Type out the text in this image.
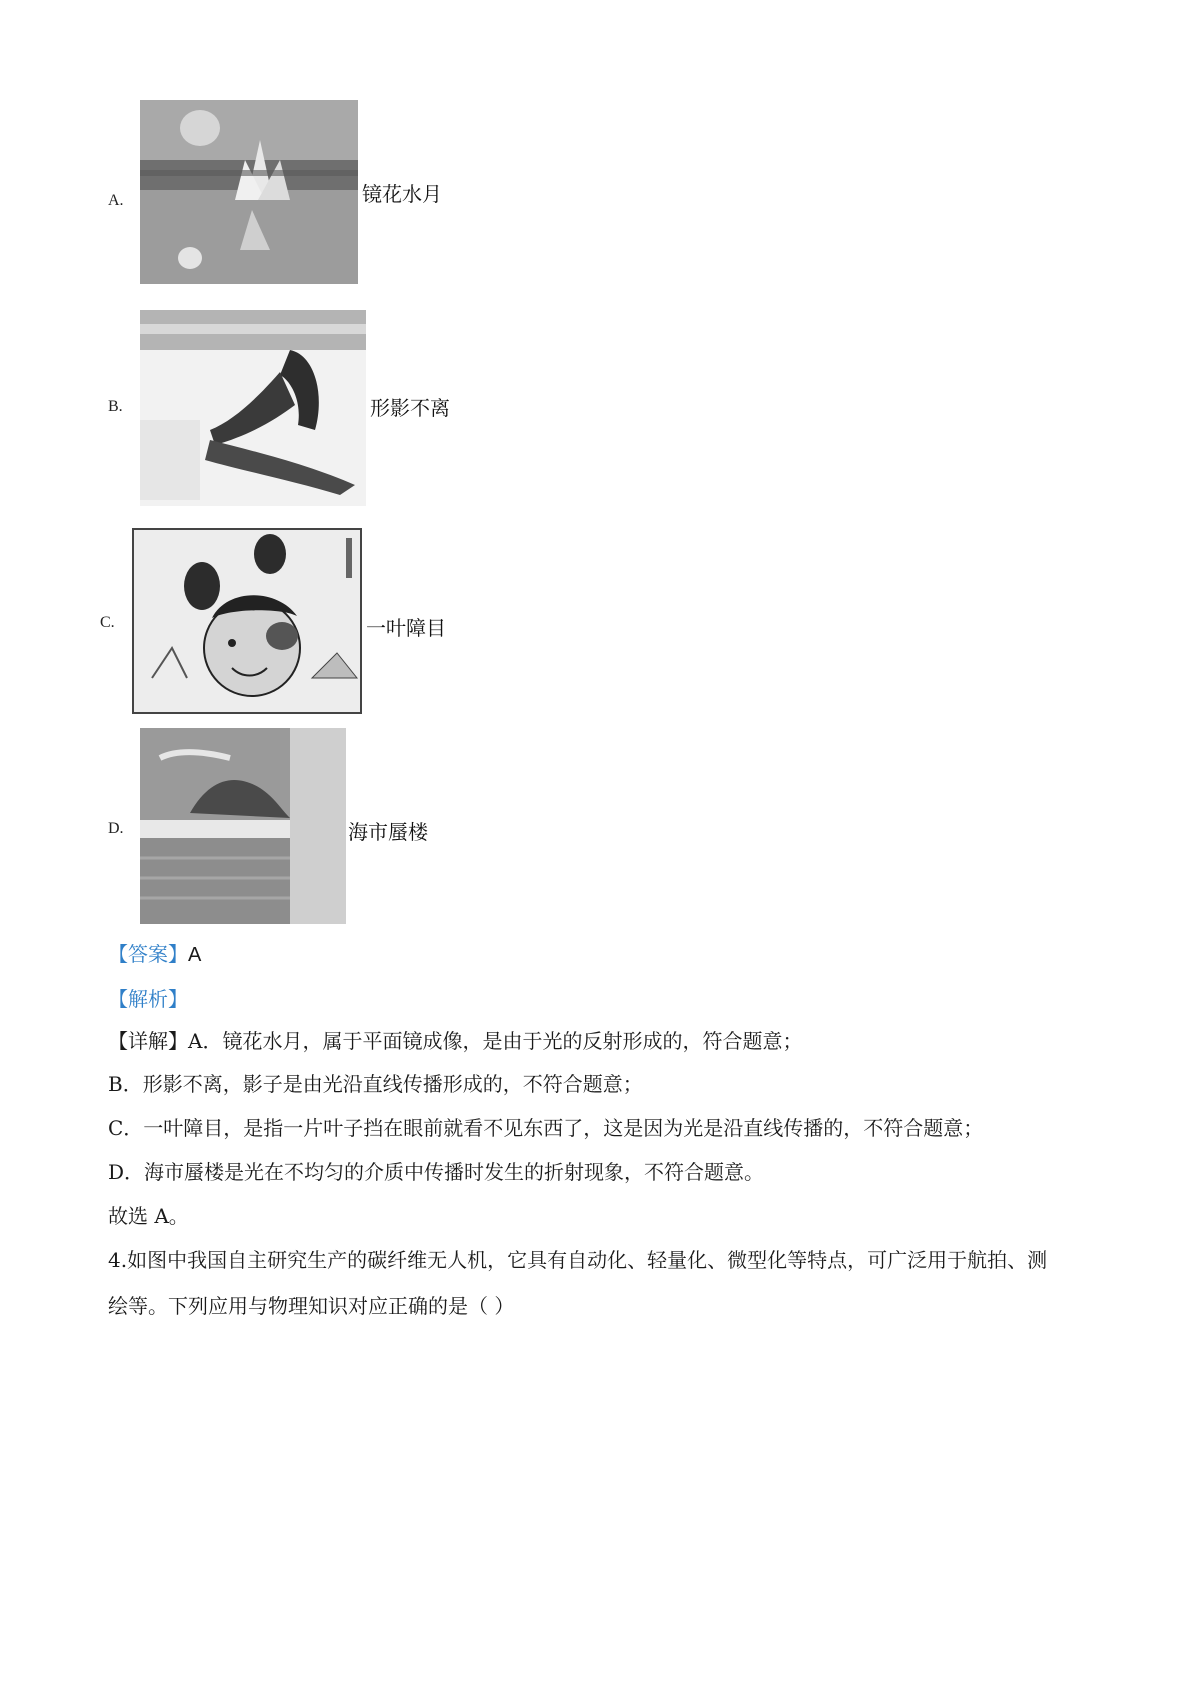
A.	镜花水月
B.	形影不离
C.	一叶障目
D.	海市蜃楼
【答案】A
【解析】
【详解】A．镜花水月，属于平面镜成像，是由于光的反射形成的，符合题意；
B．形影不离，影子是由光沿直线传播形成的，不符合题意；
C．一叶障目，是指一片叶子挡在眼前就看不见东西了，这是因为光是沿直线传播的，不符合题意；
D．海市蜃楼是光在不均匀的介质中传播时发生的折射现象，不符合题意。
故选 A。
4.如图中我国自主研究生产的碳纤维无人机，它具有自动化、轻量化、微型化等特点，可广泛用于航拍、测
绘等。下列应用与物理知识对应正确的是（ ）
